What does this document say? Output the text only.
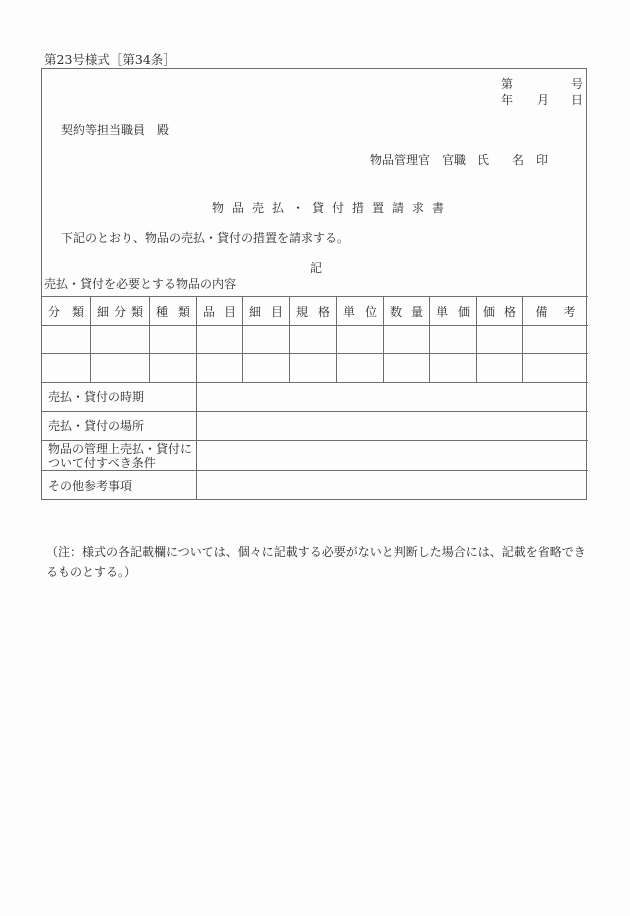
第23号様式［第34条］
第	号
年 月 日
契約等担当職員　殿
物品管理官 官職 氏 名 印
物品売払・貸付措置請求書
下記のとおり、物品の売払・貸付の措置を請求する。
記
売払・貸付を必要とする物品の内容
分 類 細 分 類 種 類 品 目 細 目 規 格 単 位 数 量 単 価 価 格 備 考
売払・貸付の時期
売払・貸付の場所
物品の管理上売払・貸付に
ついて付すべき条件
その他参考事項
（注：様式の各記載欄については、個々に記載する必要がないと判断した場合には、記載を省略できるものとする。）
